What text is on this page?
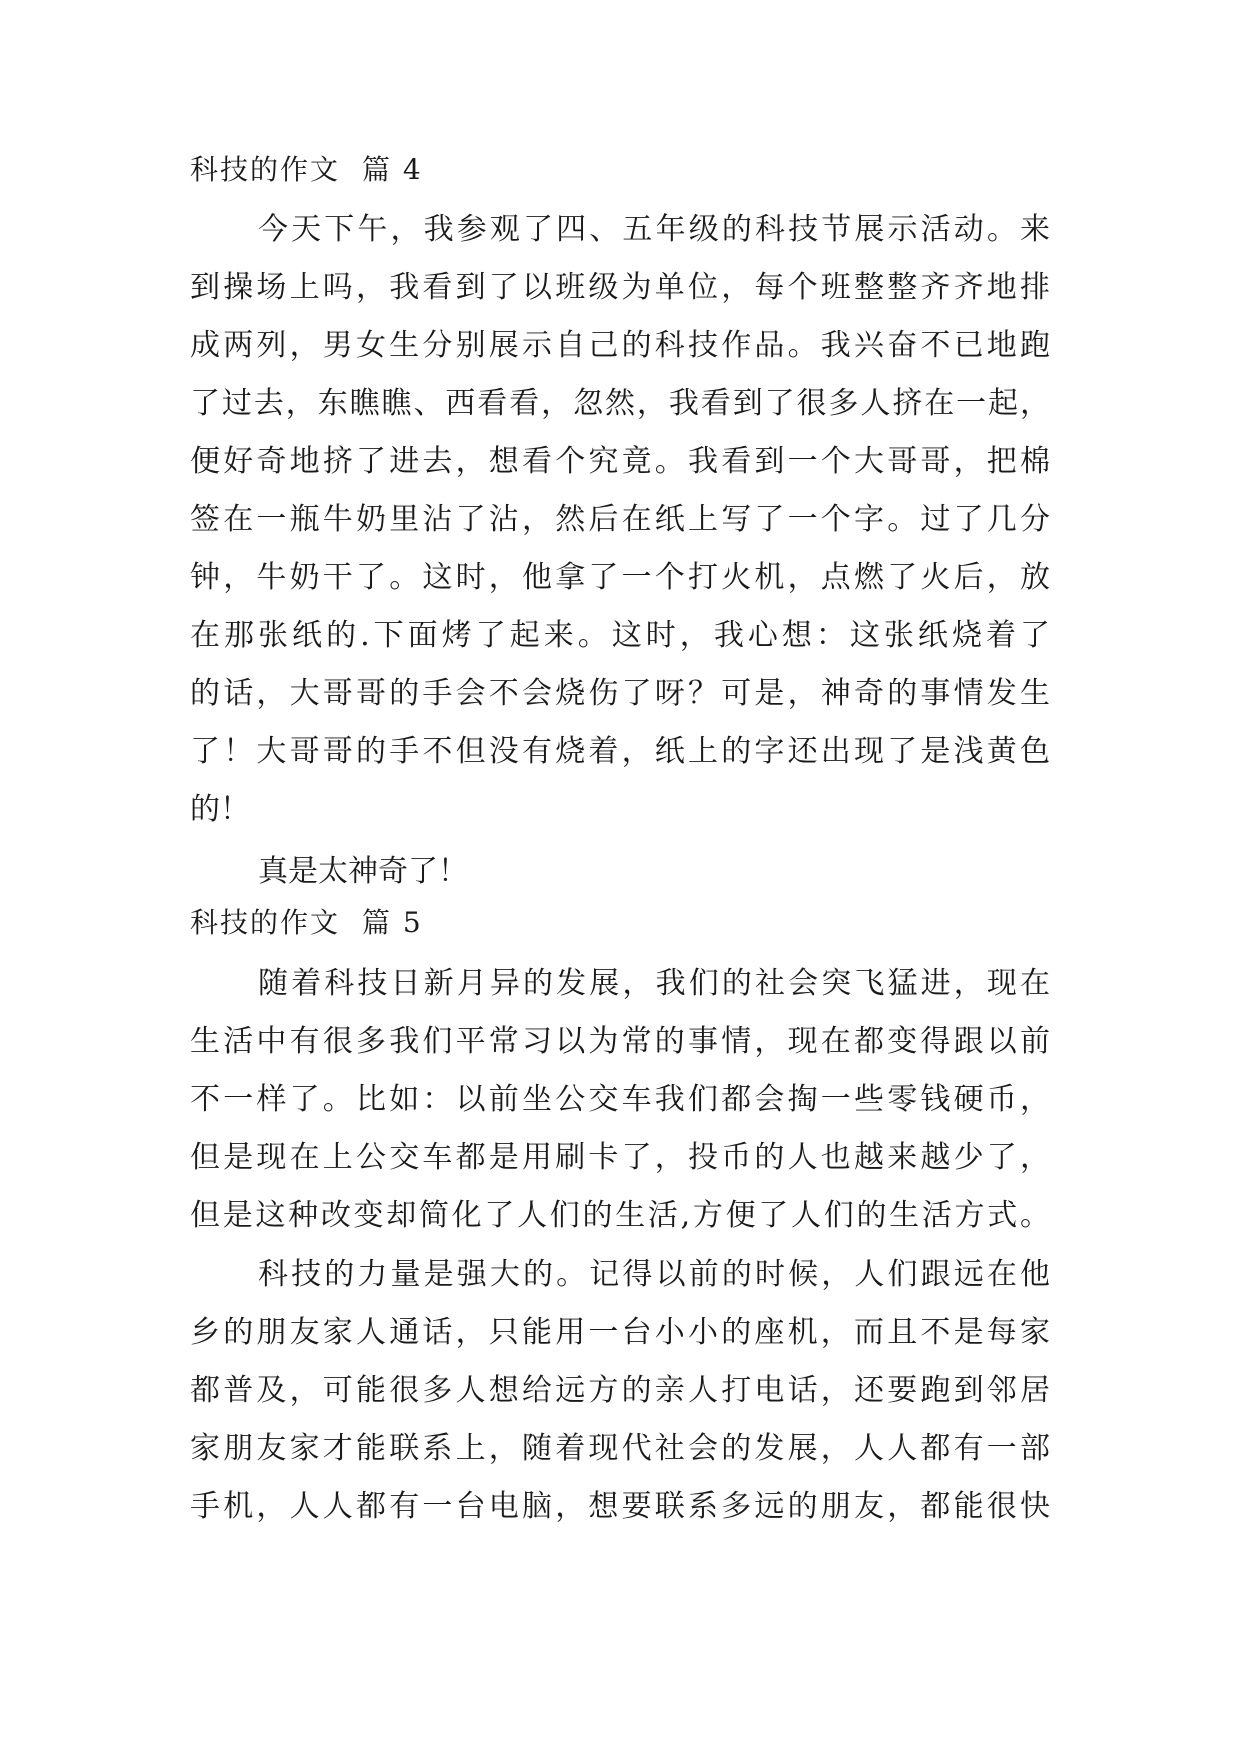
科技的作文 篇 4
今天下午，我参观了四、五年级的科技节展示活动。来
到操场上吗，我看到了以班级为单位，每个班整整齐齐地排
成两列，男女生分别展示自己的科技作品。我兴奋不已地跑
了过去，东瞧瞧、西看看，忽然，我看到了很多人挤在一起，
便好奇地挤了进去，想看个究竟。我看到一个大哥哥，把棉
签在一瓶牛奶里沾了沾，然后在纸上写了一个字。过了几分
钟，牛奶干了。这时，他拿了一个打火机，点燃了火后，放
在那张纸的.下面烤了起来。这时，我心想：这张纸烧着了
的话，大哥哥的手会不会烧伤了呀？可是，神奇的事情发生
了！大哥哥的手不但没有烧着，纸上的字还出现了是浅黄色
的！
真是太神奇了！
科技的作文 篇 5
随着科技日新月异的发展，我们的社会突飞猛进，现在
生活中有很多我们平常习以为常的事情，现在都变得跟以前
不一样了。比如：以前坐公交车我们都会掏一些零钱硬币，
但是现在上公交车都是用刷卡了，投币的人也越来越少了，
但是这种改变却简化了人们的生活,方便了人们的生活方式。
科技的力量是强大的。记得以前的时候，人们跟远在他
乡的朋友家人通话，只能用一台小小的座机，而且不是每家
都普及，可能很多人想给远方的亲人打电话，还要跑到邻居
家朋友家才能联系上，随着现代社会的发展，人人都有一部
手机，人人都有一台电脑，想要联系多远的朋友，都能很快
